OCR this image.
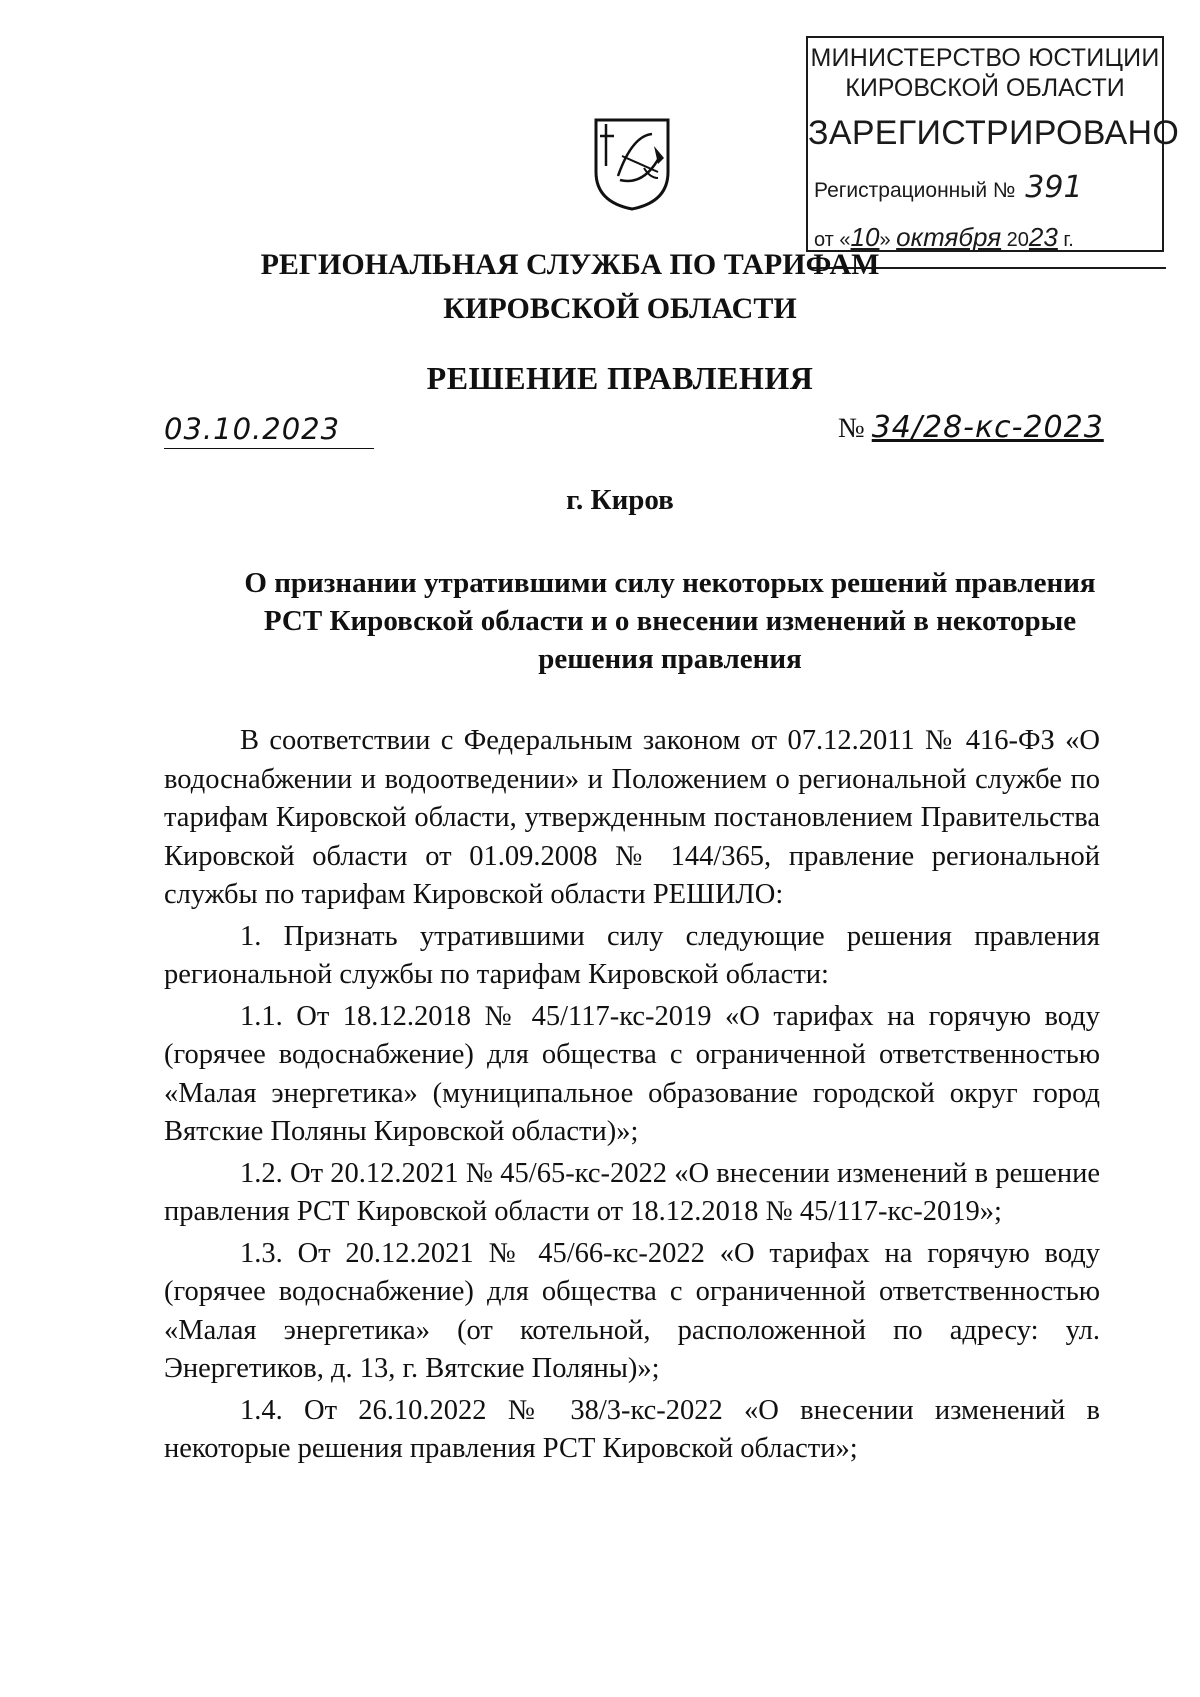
МИНИСТЕРСТВО ЮСТИЦИИ
КИРОВСКОЙ ОБЛАСТИ
ЗАРЕГИСТРИРОВАНО
Регистрационный № 391
от «10» октября 2023 г.
РЕГИОНАЛЬНАЯ СЛУЖБА ПО ТАРИФАМ
КИРОВСКОЙ ОБЛАСТИ
РЕШЕНИЕ ПРАВЛЕНИЯ
03.10.2023	№ 34/28-кс-2023
г. Киров
О признании утратившими силу некоторых решений правления
РСТ Кировской области и о внесении изменений в некоторые
решения правления

В соответствии с Федеральным законом от 07.12.2011 № 416-ФЗ «О водоснабжении и водоотведении» и Положением о региональной службе по тарифам Кировской области, утвержденным постановлением Правительства Кировской области от 01.09.2008 № 144/365, правление региональной службы по тарифам Кировской области РЕШИЛО:

1. Признать утратившими силу следующие решения правления региональной службы по тарифам Кировской области:

1.1. От 18.12.2018 № 45/117-кс-2019 «О тарифах на горячую воду (горячее водоснабжение) для общества с ограниченной ответственностью «Малая энергетика» (муниципальное образование городской округ город Вятские Поляны Кировской области)»;

1.2. От 20.12.2021 № 45/65-кс-2022 «О внесении изменений в решение правления РСТ Кировской области от 18.12.2018 № 45/117-кс-2019»;

1.3. От 20.12.2021 № 45/66-кс-2022 «О тарифах на горячую воду (горячее водоснабжение) для общества с ограниченной ответственностью «Малая энергетика» (от котельной, расположенной по адресу: ул. Энергетиков, д. 13, г. Вятские Поляны)»;

1.4. От 26.10.2022 № 38/3-кс-2022 «О внесении изменений в некоторые решения правления РСТ Кировской области»;
